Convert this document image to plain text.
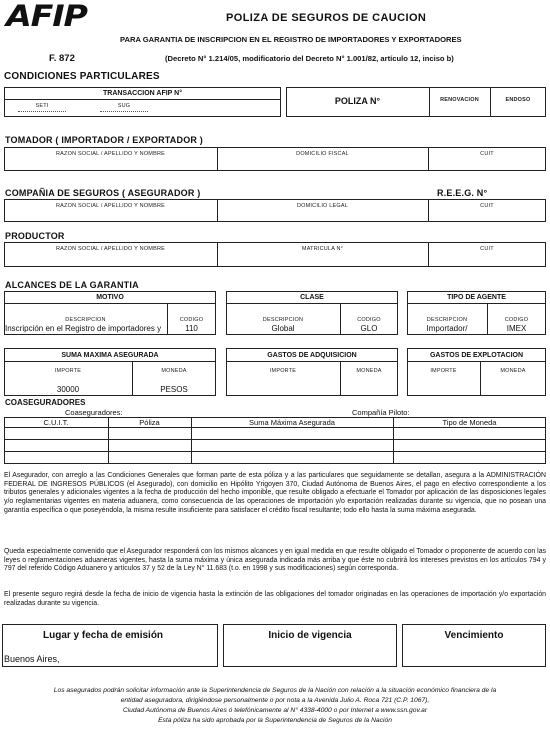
AFIP	POLIZA DE SEGUROS DE CAUCION
PARA GARANTIA DE INSCRIPCION EN EL REGISTRO DE IMPORTADORES Y EXPORTADORES
F. 872	(Decreto N° 1.214/05, modificatorio del Decreto N° 1.001/82, artículo 12, inciso b)
CONDICIONES PARTICULARES
TRANSACCION AFIP N°
SETI	SUG	POLIZA N°	RENOVACION	ENDOSO
TOMADOR ( IMPORTADOR / EXPORTADOR )
RAZON SOCIAL / APELLIDO Y NOMBRE	DOMICILIO FISCAL	CUIT
COMPAÑIA DE SEGUROS ( ASEGURADOR )	R.E.E.G. N°
RAZON SOCIAL / APELLIDO Y NOMBRE	DOMICILIO LEGAL	CUIT
PRODUCTOR
RAZON SOCIAL / APELLIDO Y NOMBRE	MATRICULA N°	CUIT
ALCANCES DE LA GARANTIA
MOTIVO
DESCRIPCION	CODIGO
Inscripción en el Registro de importadores y	110
CLASE
DESCRIPCION	CODIGO
Global	GLO
TIPO DE AGENTE
DESCRIPCION	CODIGO
Importador/	IMEX
SUMA MAXIMA ASEGURADA
IMPORTE	MONEDA
30000	PESOS
GASTOS DE ADQUISICION
IMPORTE	MONEDA
GASTOS DE EXPLOTACION
IMPORTE	MONEDA
COASEGURADORES
Coaseguradores:	Compañía Piloto:
C.U.I.T.	Póliza	Suma Máxima Asegurada	Tipo de Moneda
El Asegurador, con arreglo a las Condiciones Generales que forman parte de esta póliza y a las particulares que seguidamente se detallan, asegura a la ADMINISTRACIÓN FEDERAL DE INGRESOS PÚBLICOS (el Asegurado), con domicilio en Hipólito Yrigoyen 370, Ciudad Autónoma de Buenos Aires, el pago en efectivo correspondiente a los tributos generales y adicionales vigentes a la fecha de producción del hecho imponible, que resulte obligado a efectuarle el Tomador por aplicación de las disposiciones legales y/o reglamentarias vigentes en materia aduanera, como consecuencia de las operaciones de importación y/o exportación realizadas durante su vigencia, que no posean una garantía específica o que poseyéndola, la misma resulte insuficiente para satisfacer el crédito fiscal resultante; todo ello hasta la suma máxima asegurada.
Queda especialmente convenido que el Asegurador responderá con los mismos alcances y en igual medida en que resulte obligado el Tomador o proponente de acuerdo con las leyes o reglamentaciones aduaneras vigentes, hasta la suma máxima y única asegurada indicada más arriba y que éste no cubrirá los intereses previstos en los artículos 794 y 797 del referido Código Aduanero y artículos 37 y 52 de la Ley N° 11.683 (t.o. en 1998 y sus modificaciones) según corresponda.
El presente seguro regirá desde la fecha de inicio de vigencia hasta la extinción de las obligaciones del tomador originadas en las operaciones de importación y/o exportación realizadas durante su vigencia.
Lugar y fecha de emisión
Buenos Aires,
Inicio de vigencia	Vencimiento
Los asegurados podrán solicitar información ante la Superintendencia de Seguros de la Nación con relación a la situación económico financiera de la
entidad aseguradora, dirigiéndose personalmente o por nota a la Avenida Julio A. Roca 721 (C.P. 1067),
Ciudad Autónoma de Buenos Aires ó telefónicamente al N° 4338-4000 o por Internet a www.ssn.gov.ar
Esta póliza ha sido aprobada por la Superintendencia de Seguros de la Nación
